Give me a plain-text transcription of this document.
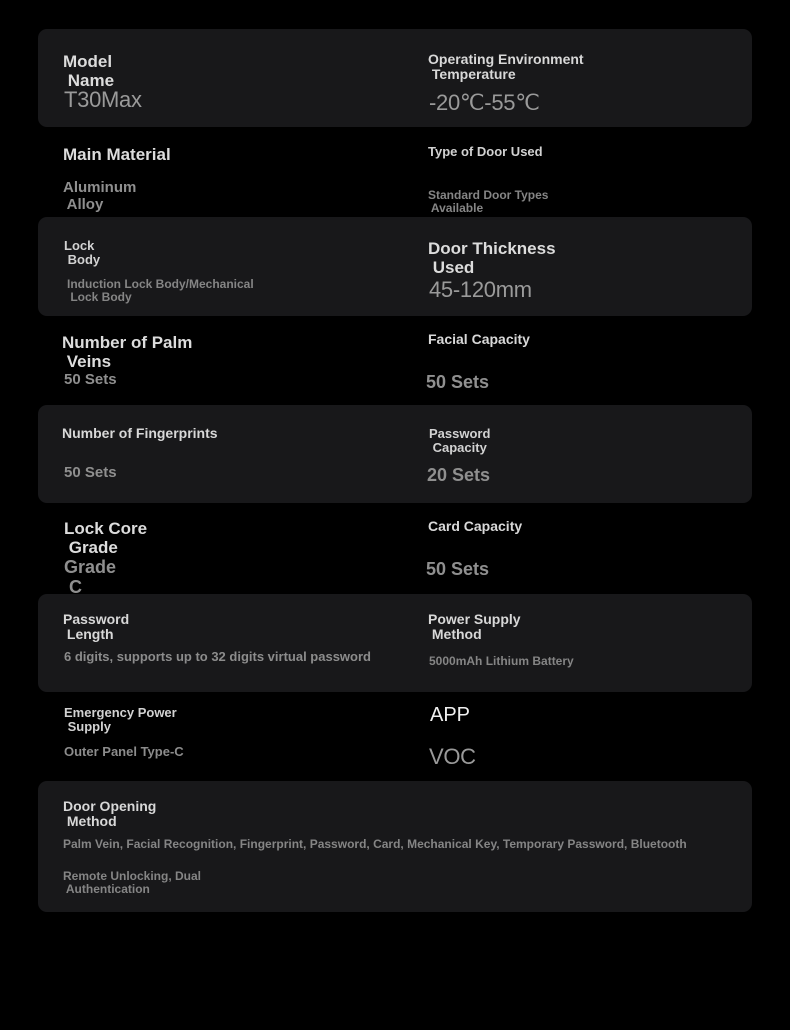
Model
Name
T30Max
Operating Environment
Temperature
-20℃-55℃
Main Material
Aluminum
Alloy
Type of Door Used
Standard Door Types
Available
Lock
Body
Induction Lock Body/Mechanical
Lock Body
Door Thickness
Used
45-120mm
Number of Palm
Veins
50 Sets
Facial Capacity
50 Sets
Number of Fingerprints
50 Sets
Password
Capacity
20 Sets
Lock Core
Grade
Grade
C
Card Capacity
50 Sets
Password
Length
6 digits, supports up to 32 digits virtual password
Power Supply
Method
5000mAh Lithium Battery
Emergency Power
Supply
Outer Panel Type-C
APP
VOC
Door Opening
Method
Palm Vein, Facial Recognition, Fingerprint, Password, Card, Mechanical Key, Temporary Password, Bluetooth
Remote Unlocking, Dual
Authentication
